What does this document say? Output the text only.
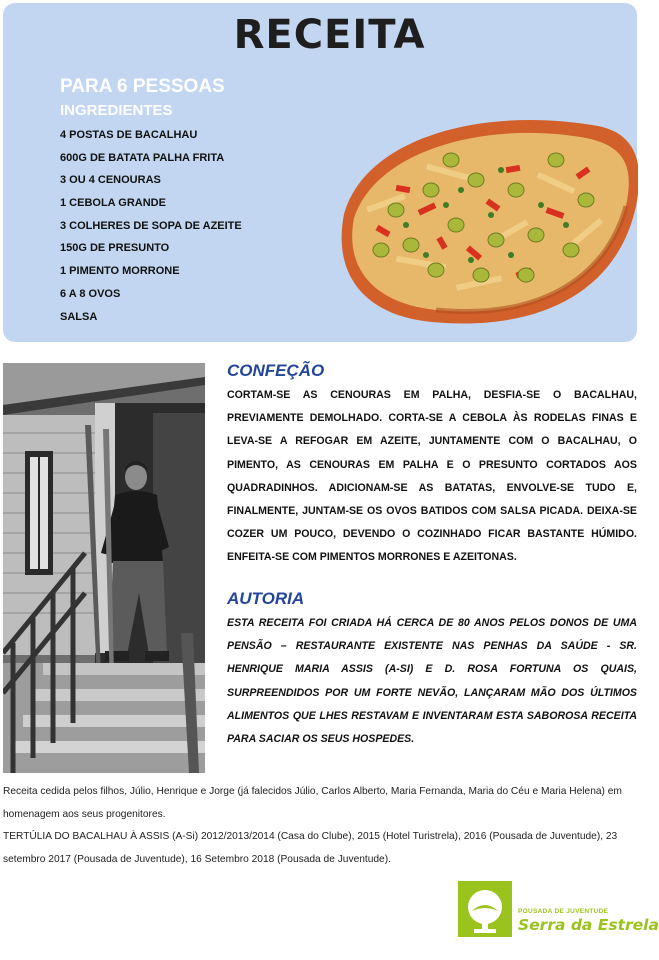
RECEITA
PARA 6 PESSOAS
INGREDIENTES
4 POSTAS DE BACALHAU
600G DE BATATA PALHA FRITA
3 OU 4 CENOURAS
1 CEBOLA GRANDE
3 COLHERES DE SOPA DE AZEITE
150G DE PRESUNTO
1 PIMENTO MORRONE
6 A 8 OVOS
SALSA
CONFEÇÃO

CORTAM-SE AS CENOURAS EM PALHA, DESFIA-SE O BACALHAU, PREVIAMENTE DEMOLHADO. CORTA-SE A CEBOLA ÀS RODELAS FINAS E LEVA-SE A REFOGAR EM AZEITE, JUNTAMENTE COM O BACALHAU, O PIMENTO, AS CENOURAS EM PALHA E O PRESUNTO CORTADOS AOS QUADRADINHOS. ADICIONAM-SE AS BATATAS, ENVOLVE-SE TUDO E, FINALMENTE, JUNTAM-SE OS OVOS BATIDOS COM SALSA PICADA. DEIXA-SE COZER UM POUCO, DEVENDO O COZINHADO FICAR BASTANTE HÚMIDO. ENFEITA-SE COM PIMENTOS MORRONES E AZEITONAS.

AUTORIA

ESTA RECEITA FOI CRIADA HÁ CERCA DE 80 ANOS PELOS DONOS DE UMA PENSÃO – RESTAURANTE EXISTENTE NAS PENHAS DA SAÚDE - SR. HENRIQUE MARIA ASSIS (A-SI) E D. ROSA FORTUNA OS QUAIS, SURPREENDIDOS POR UM FORTE NEVÃO, LANÇARAM MÃO DOS ÚLTIMOS ALIMENTOS QUE LHES RESTAVAM E INVENTARAM ESTA SABOROSA RECEITA PARA SACIAR OS SEUS HOSPEDES.

Receita cedida pelos filhos, Júlio, Henrique e Jorge (já falecidos Júlio, Carlos Alberto, Maria Fernanda, Maria do Céu e Maria Helena) em homenagem aos seus progenitores.

TERTÚLIA DO BACALHAU À ASSIS (A-Si) 2012/2013/2014 (Casa do Clube), 2015 (Hotel Turistrela), 2016 (Pousada de Juventude), 23 setembro 2017 (Pousada de Juventude), 16 Setembro 2018 (Pousada de Juventude).

POUSADA DE JUVENTUDE
Serra da Estrela
